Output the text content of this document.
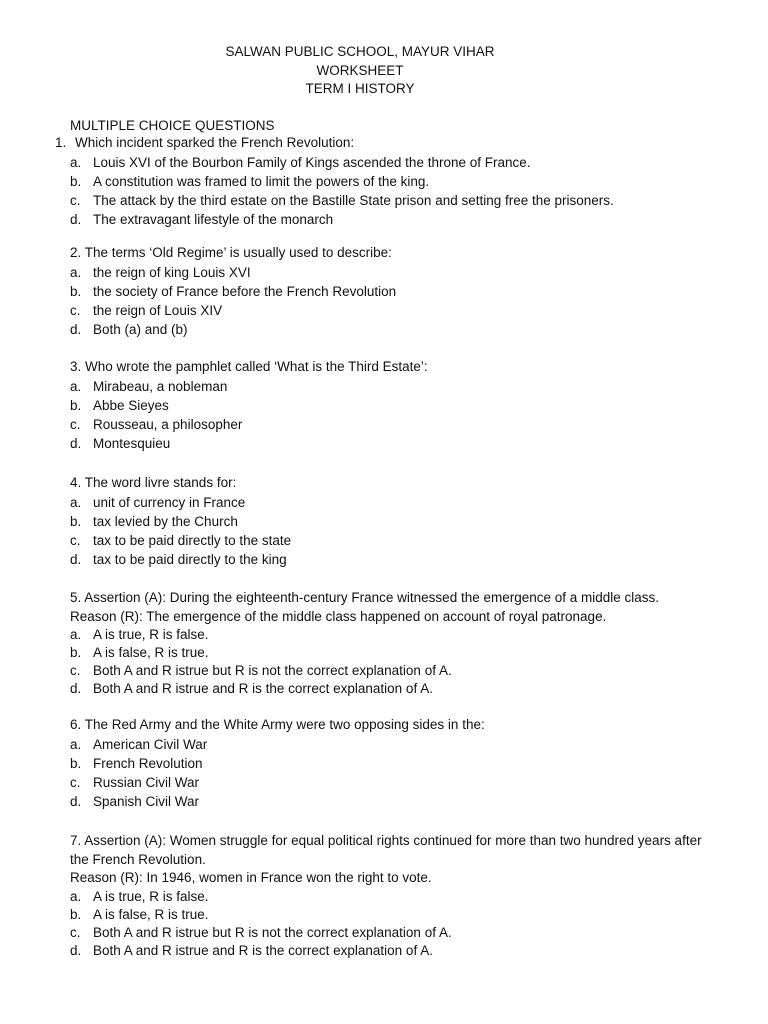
SALWAN PUBLIC SCHOOL, MAYUR VIHAR
WORKSHEET
TERM I HISTORY
MULTIPLE CHOICE QUESTIONS
1. Which incident sparked the French Revolution:
a. Louis XVI of the Bourbon Family of Kings ascended the throne of France.
b. A constitution was framed to limit the powers of the king.
c. The attack by the third estate on the Bastille State prison and setting free the prisoners.
d. The extravagant lifestyle of the monarch
2. The terms ‘Old Regime’ is usually used to describe:
a. the reign of king Louis XVI
b. the society of France before the French Revolution
c. the reign of Louis XIV
d. Both (a) and (b)
3. Who wrote the pamphlet called ‘What is the Third Estate’:
a. Mirabeau, a nobleman
b. Abbe Sieyes
c. Rousseau, a philosopher
d. Montesquieu
4. The word livre stands for:
a. unit of currency in France
b. tax levied by the Church
c. tax to be paid directly to the state
d. tax to be paid directly to the king
5. Assertion (A): During the eighteenth-century France witnessed the emergence of a middle class.
Reason (R): The emergence of the middle class happened on account of royal patronage.
a. A is true, R is false.
b. A is false, R is true.
c. Both A and R istrue but R is not the correct explanation of A.
d. Both A and R istrue and R is the correct explanation of A.
6. The Red Army and the White Army were two opposing sides in the:
a. American Civil War
b. French Revolution
c. Russian Civil War
d. Spanish Civil War
7. Assertion (A): Women struggle for equal political rights continued for more than two hundred years after the French Revolution.
Reason (R): In 1946, women in France won the right to vote.
a. A is true, R is false.
b. A is false, R is true.
c. Both A and R istrue but R is not the correct explanation of A.
d. Both A and R istrue and R is the correct explanation of A.
